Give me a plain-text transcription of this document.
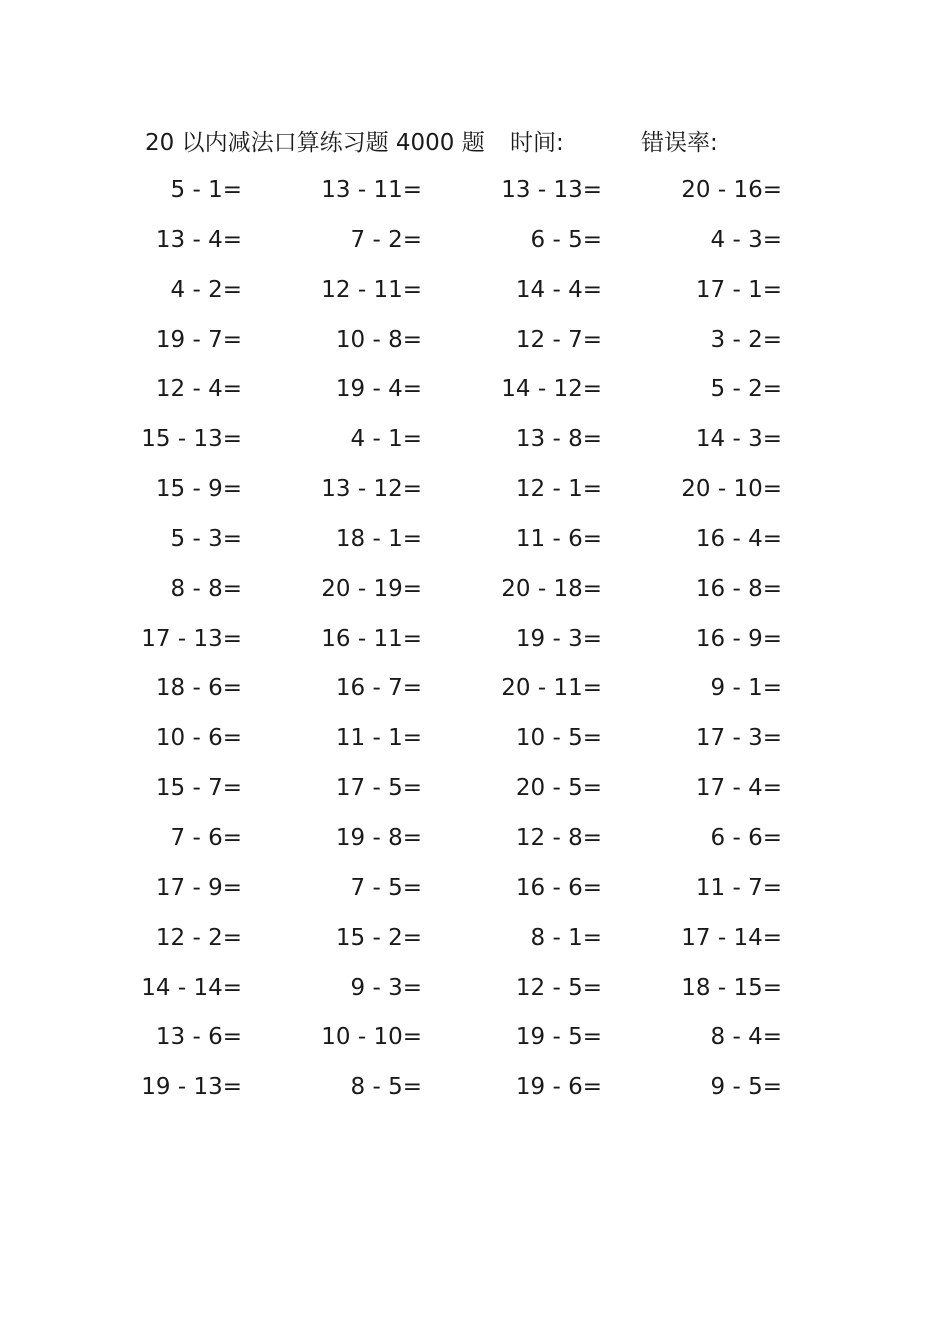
20 以内减法口算练习题 4000 题 时间:	错误率:
5 - 1=	13 - 11=	13 - 13=	20 - 16=
13 - 4=	7 - 2=	6 - 5=	4 - 3=
4 - 2=	12 - 11=	14 - 4=	17 - 1=
19 - 7=	10 - 8=	12 - 7=	3 - 2=
12 - 4=	19 - 4=	14 - 12=	5 - 2=
15 - 13=	4 - 1=	13 - 8=	14 - 3=
15 - 9=	13 - 12=	12 - 1=	20 - 10=
5 - 3=	18 - 1=	11 - 6=	16 - 4=
8 - 8=	20 - 19=	20 - 18=	16 - 8=
17 - 13=	16 - 11=	19 - 3=	16 - 9=
18 - 6=	16 - 7=	20 - 11=	9 - 1=
10 - 6=	11 - 1=	10 - 5=	17 - 3=
15 - 7=	17 - 5=	20 - 5=	17 - 4=
7 - 6=	19 - 8=	12 - 8=	6 - 6=
17 - 9=	7 - 5=	16 - 6=	11 - 7=
12 - 2=	15 - 2=	8 - 1=	17 - 14=
14 - 14=	9 - 3=	12 - 5=	18 - 15=
13 - 6=	10 - 10=	19 - 5=	8 - 4=
19 - 13=	8 - 5=	19 - 6=	9 - 5=
